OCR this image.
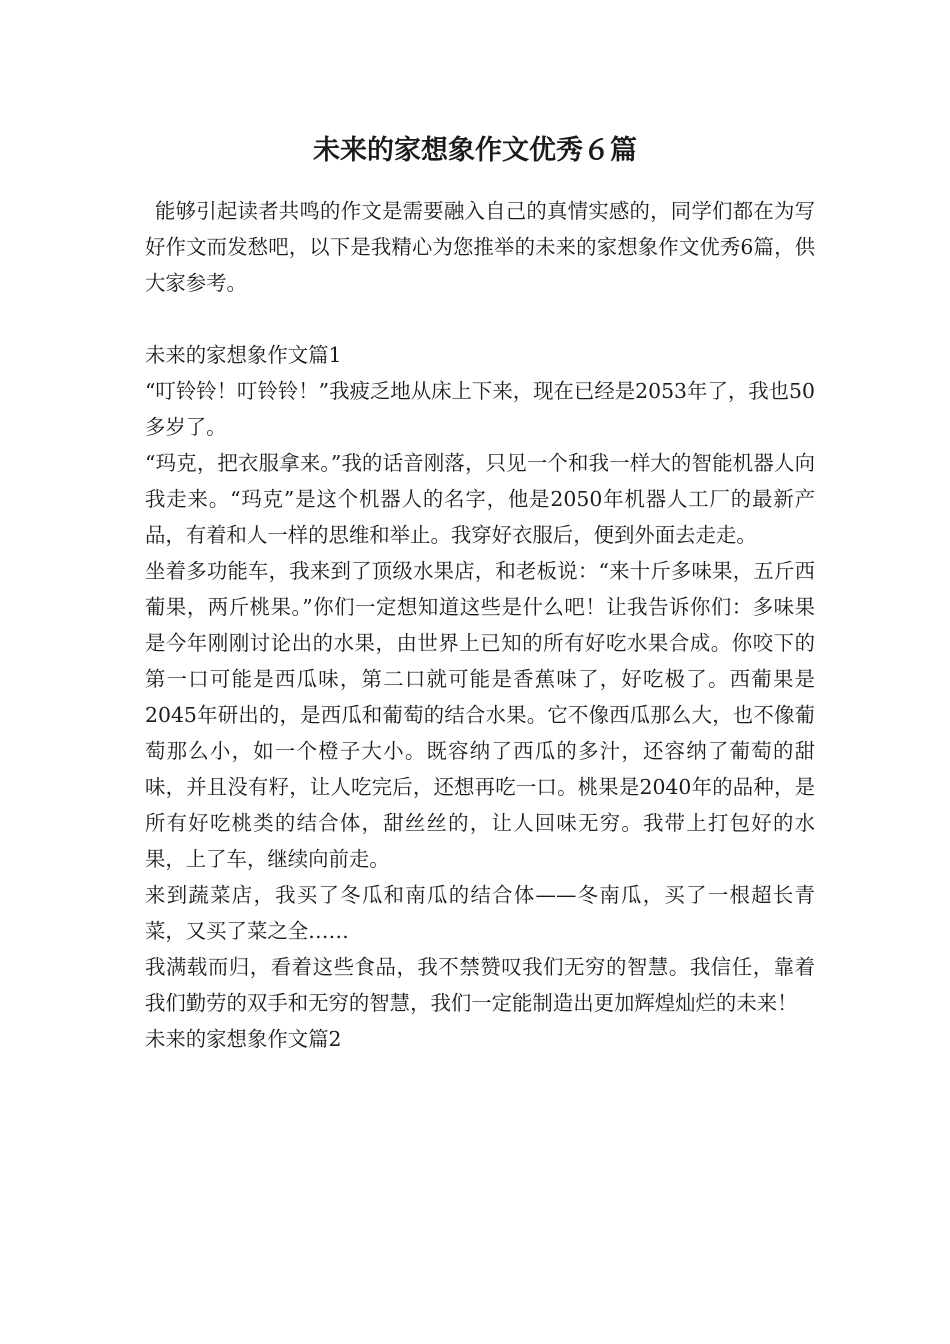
未来的家想象作文优秀６篇

能够引起读者共鸣的作文是需要融入自己的真情实感的，同学们都在为写好作文而发愁吧，以下是我精心为您推举的未来的家想象作文优秀6篇，供大家参考。

未来的家想象作文篇1

“叮铃铃！叮铃铃！”我疲乏地从床上下来，现在已经是2053年了，我也50多岁了。

“玛克，把衣服拿来。”我的话音刚落，只见一个和我一样大的智能机器人向我走来。“玛克”是这个机器人的名字，他是2050年机器人工厂的最新产品，有着和人一样的思维和举止。我穿好衣服后，便到外面去走走。

坐着多功能车，我来到了顶级水果店，和老板说：“来十斤多味果，五斤西葡果，两斤桃果。”你们一定想知道这些是什么吧！让我告诉你们：多味果是今年刚刚讨论出的水果，由世界上已知的所有好吃水果合成。你咬下的第一口可能是西瓜味，第二口就可能是香蕉味了，好吃极了。西葡果是2045年研出的，是西瓜和葡萄的结合水果。它不像西瓜那么大，也不像葡萄那么小，如一个橙子大小。既容纳了西瓜的多汁，还容纳了葡萄的甜味，并且没有籽，让人吃完后，还想再吃一口。桃果是2040年的品种，是所有好吃桃类的结合体，甜丝丝的，让人回味无穷。我带上打包好的水果，上了车，继续向前走。

来到蔬菜店，我买了冬瓜和南瓜的结合体——冬南瓜，买了一根超长青菜，又买了菜之全……

我满载而归，看着这些食品，我不禁赞叹我们无穷的智慧。我信任，靠着我们勤劳的双手和无穷的智慧，我们一定能制造出更加辉煌灿烂的未来！

未来的家想象作文篇2
